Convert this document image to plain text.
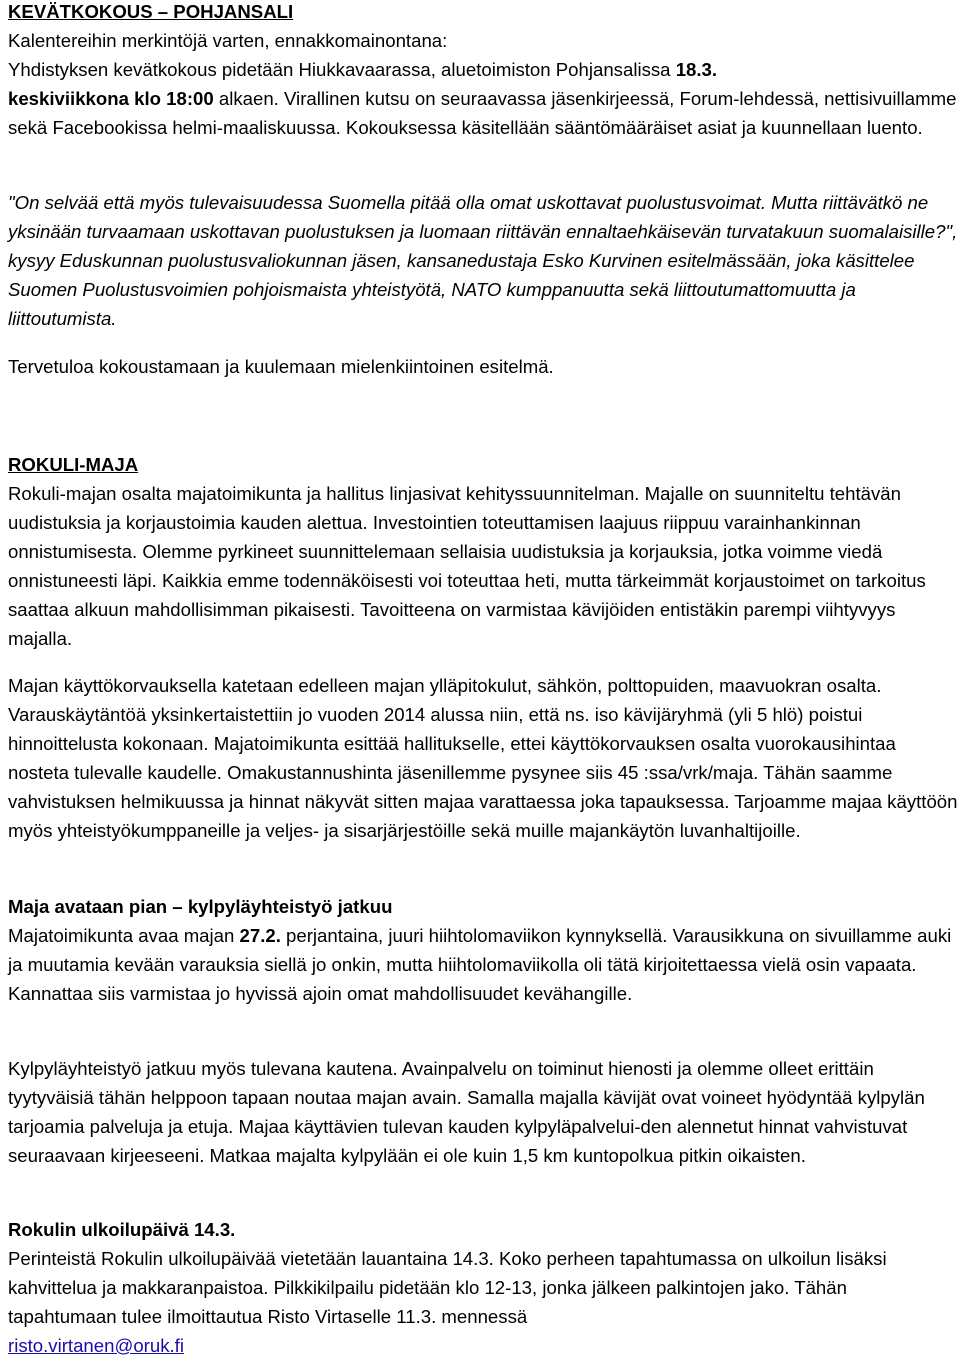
KEVÄTKOKOUS – POHJANSALI
Kalentereihin merkintöjä varten, ennakkomainontana:

Yhdistyksen kevätkokous pidetään Hiukkavaarassa, aluetoimiston Pohjansalissa 18.3.
keskiviikkona klo 18:00 alkaen. Virallinen kutsu on seuraavassa jäsenkirjeessä, Forum-lehdessä, nettisivuillamme sekä Facebookissa helmi-maaliskuussa. Kokouksessa käsitellään sääntömääräiset asiat ja kuunnellaan luento.

"On selvää että myös tulevaisuudessa Suomella pitää olla omat uskottavat puolustusvoimat. Mutta riittävätkö ne yksinään turvaamaan uskottavan puolustuksen ja luomaan riittävän ennaltaehkäisevän turvatakuun suomalaisille?", kysyy Eduskunnan puolustusvaliokunnan jäsen, kansanedustaja Esko Kurvinen esitelmässään, joka käsittelee Suomen Puolustusvoimien pohjoismaista yhteistyötä, NATO kumppanuutta sekä liittoutumattomuutta ja liittoutumista.

Tervetuloa kokoustamaan ja kuulemaan mielenkiintoinen esitelmä.

ROKULI-MAJA

Rokuli-majan osalta majatoimikunta ja hallitus linjasivat kehityssuunnitelman. Majalle on suunniteltu tehtävän uudistuksia ja korjaustoimia kauden alettua. Investointien toteuttamisen laajuus riippuu varainhankinnan onnistumisesta. Olemme pyrkineet suunnittelemaan sellaisia uudistuksia ja korjauksia, jotka voimme viedä onnistuneesti läpi. Kaikkia emme todennäköisesti voi toteuttaa heti, mutta tärkeimmät korjaustoimet on tarkoitus saattaa alkuun mahdollisimman pikaisesti. Tavoitteena on varmistaa kävijöiden entistäkin parempi viihtyvyys majalla.

Majan käyttökorvauksella katetaan edelleen majan ylläpitokulut, sähkön, polttopuiden, maavuokran osalta. Varauskäytäntöä yksinkertaistettiin jo vuoden 2014 alussa niin, että ns. iso kävijäryhmä (yli 5 hlö) poistui hinnoittelusta kokonaan. Majatoimikunta esittää hallitukselle, ettei käyttökorvauksen osalta vuorokausihintaa nosteta tulevalle kaudelle. Omakustannushinta jäsenillemme pysynee siis 45 :ssa/vrk/maja. Tähän saamme vahvistuksen helmikuussa ja hinnat näkyvät sitten majaa varattaessa joka tapauksessa. Tarjoamme majaa käyttöön myös yhteistyökumppaneille ja veljes- ja sisarjärjestöille sekä muille majankäytön luvanhaltijoille.

Maja avataan pian – kylpyläyhteistyö jatkuu

Majatoimikunta avaa majan 27.2. perjantaina, juuri hiihtolomaviikon kynnyksellä. Varausikkuna on sivuillamme auki ja muutamia kevään varauksia siellä jo onkin, mutta hiihtolomaviikolla oli tätä kirjoitettaessa vielä osin vapaata. Kannattaa siis varmistaa jo hyvissä ajoin omat mahdollisuudet kevähangille.

Kylpyläyhteistyö jatkuu myös tulevana kautena. Avainpalvelu on toiminut hienosti ja olemme olleet erittäin tyytyväisiä tähän helppoon tapaan noutaa majan avain. Samalla majalla kävijät ovat voineet hyödyntää kylpylän tarjoamia palveluja ja etuja. Majaa käyttävien tulevan kauden kylpyläpalvelui-den alennetut hinnat vahvistuvat seuraavaan kirjeeseeni. Matkaa majalta kylpylään ei ole kuin 1,5 km kuntopolkua pitkin oikaisten.

Rokulin ulkoilupäivä 14.3.

Perinteistä Rokulin ulkoilupäivää vietetään lauantaina 14.3. Koko perheen tapahtumassa on ulkoilun lisäksi kahvittelua ja makkaranpaistoa. Pilkkikilpailu pidetään klo 12-13, jonka jälkeen palkintojen jako. Tähän tapahtumaan tulee ilmoittautua Risto Virtaselle 11.3. mennessä
risto.virtanen@oruk.fi
